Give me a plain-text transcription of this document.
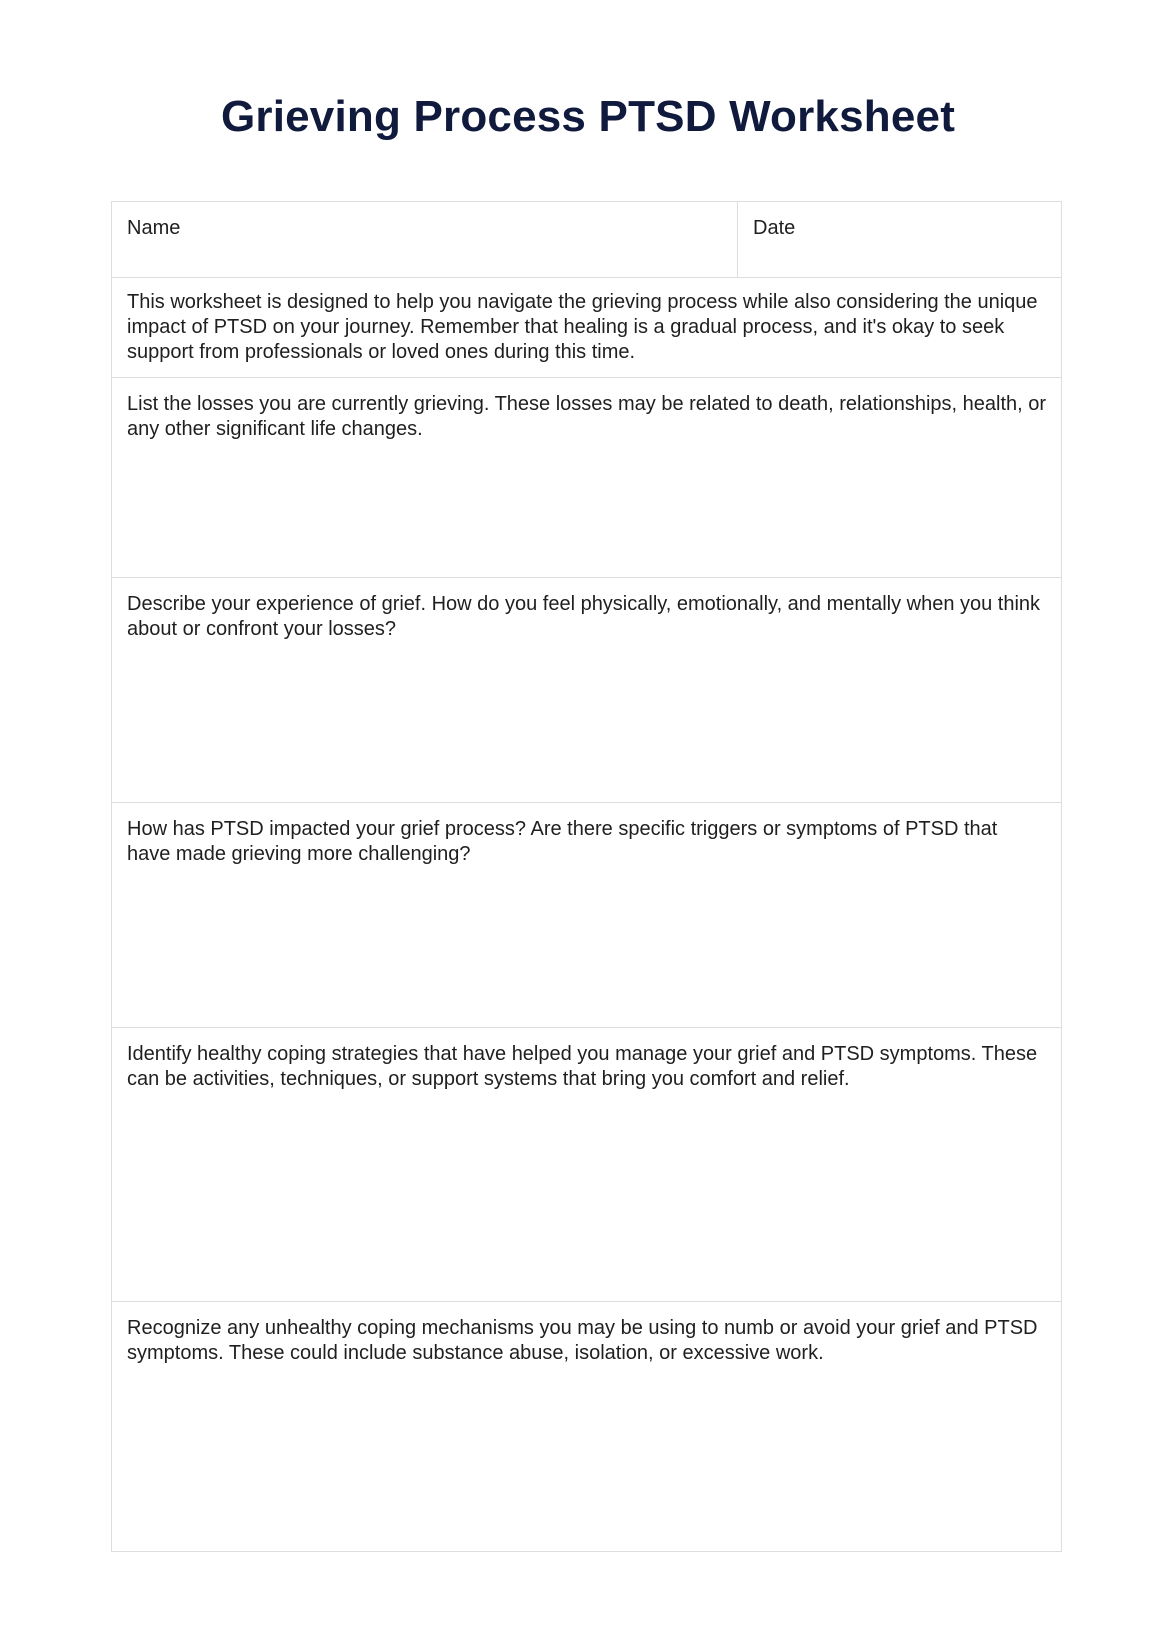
Grieving Process PTSD Worksheet
Name	Date
This worksheet is designed to help you navigate the grieving process while also considering the unique impact of PTSD on your journey. Remember that healing is a gradual process, and it's okay to seek support from professionals or loved ones during this time.
List the losses you are currently grieving. These losses may be related to death, relationships, health, or any other significant life changes.
Describe your experience of grief. How do you feel physically, emotionally, and mentally when you think about or confront your losses?
How has PTSD impacted your grief process? Are there specific triggers or symptoms of PTSD that have made grieving more challenging?
Identify healthy coping strategies that have helped you manage your grief and PTSD symptoms. These can be activities, techniques, or support systems that bring you comfort and relief.
Recognize any unhealthy coping mechanisms you may be using to numb or avoid your grief and PTSD symptoms. These could include substance abuse, isolation, or excessive work.
